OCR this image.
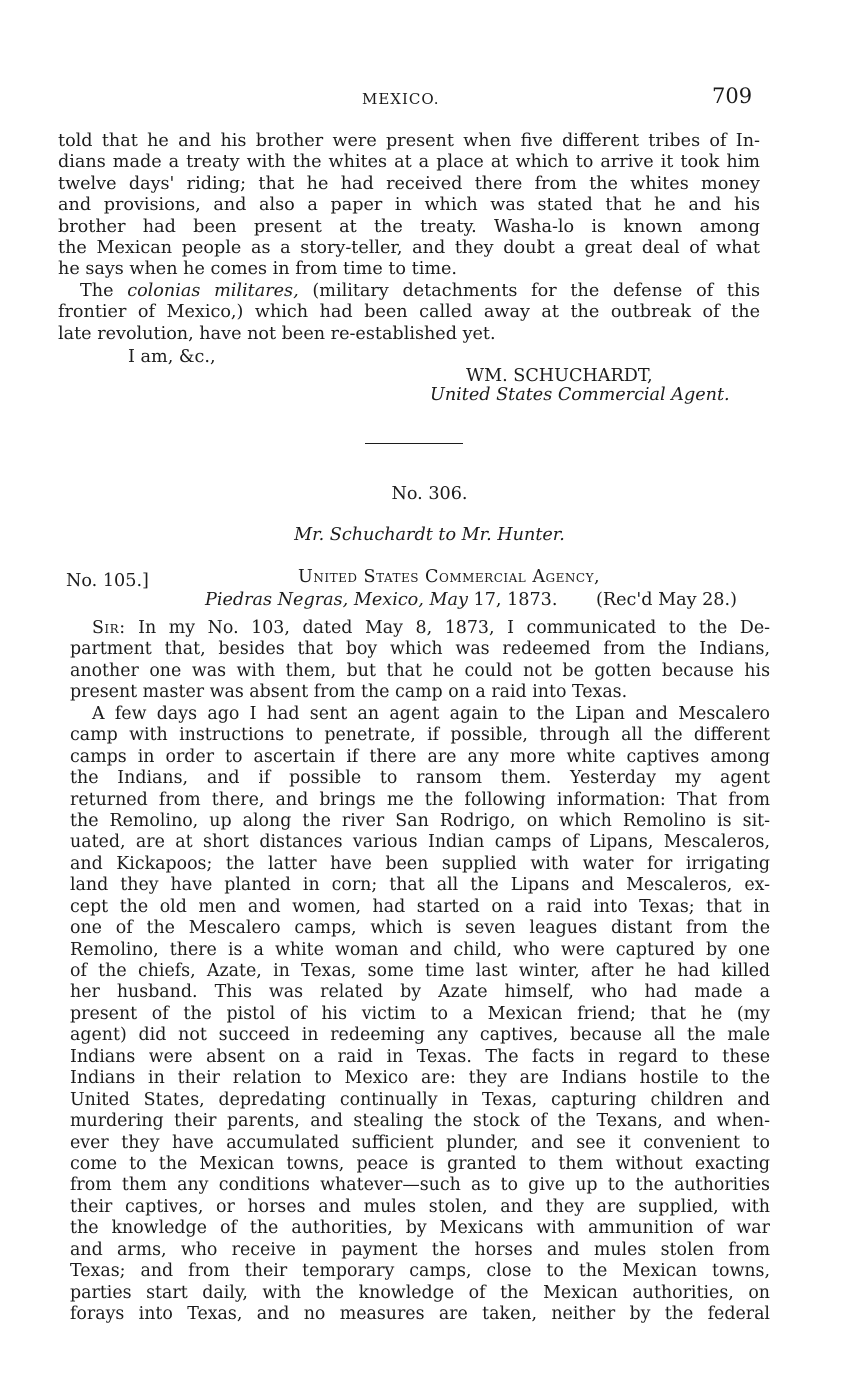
MEXICO.	709
told that he and his brother were present when five different tribes of In-
dians made a treaty with the whites at a place at which to arrive it took him
twelve days' riding; that he had received there from the whites money
and provisions, and also a paper in which was stated that he and his
brother had been present at the treaty. Washa-lo is known among
the Mexican people as a story-teller, and they doubt a great deal of what
he says when he comes in from time to time.
The colonias militares, (military detachments for the defense of this
frontier of Mexico,) which had been called away at the outbreak of the
late revolution, have not been re-established yet.
I am, &c.,
WM. SCHUCHARDT,
United States Commercial Agent.
No. 306.
Mr. Schuchardt to Mr. Hunter.
No. 105.]	United States Commercial Agency,
Piedras Negras, Mexico, May 17, 1873. (Rec'd May 28.)
Sir: In my No. 103, dated May 8, 1873, I communicated to the De-
partment that, besides that boy which was redeemed from the Indians,
another one was with them, but that he could not be gotten because his
present master was absent from the camp on a raid into Texas.
A few days ago I had sent an agent again to the Lipan and Mescalero
camp with instructions to penetrate, if possible, through all the different
camps in order to ascertain if there are any more white captives among
the Indians, and if possible to ransom them. Yesterday my agent
returned from there, and brings me the following information: That from
the Remolino, up along the river San Rodrigo, on which Remolino is sit-
uated, are at short distances various Indian camps of Lipans, Mescaleros,
and Kickapoos; the latter have been supplied with water for irrigating
land they have planted in corn; that all the Lipans and Mescaleros, ex-
cept the old men and women, had started on a raid into Texas; that in
one of the Mescalero camps, which is seven leagues distant from the
Remolino, there is a white woman and child, who were captured by one
of the chiefs, Azate, in Texas, some time last winter, after he had killed
her husband. This was related by Azate himself, who had made a
present of the pistol of his victim to a Mexican friend; that he (my
agent) did not succeed in redeeming any captives, because all the male
Indians were absent on a raid in Texas. The facts in regard to these
Indians in their relation to Mexico are: they are Indians hostile to the
United States, depredating continually in Texas, capturing children and
murdering their parents, and stealing the stock of the Texans, and when-
ever they have accumulated sufficient plunder, and see it convenient to
come to the Mexican towns, peace is granted to them without exacting
from them any conditions whatever—such as to give up to the authorities
their captives, or horses and mules stolen, and they are supplied, with
the knowledge of the authorities, by Mexicans with ammunition of war
and arms, who receive in payment the horses and mules stolen from
Texas; and from their temporary camps, close to the Mexican towns,
parties start daily, with the knowledge of the Mexican authorities, on
forays into Texas, and no measures are taken, neither by the federal
